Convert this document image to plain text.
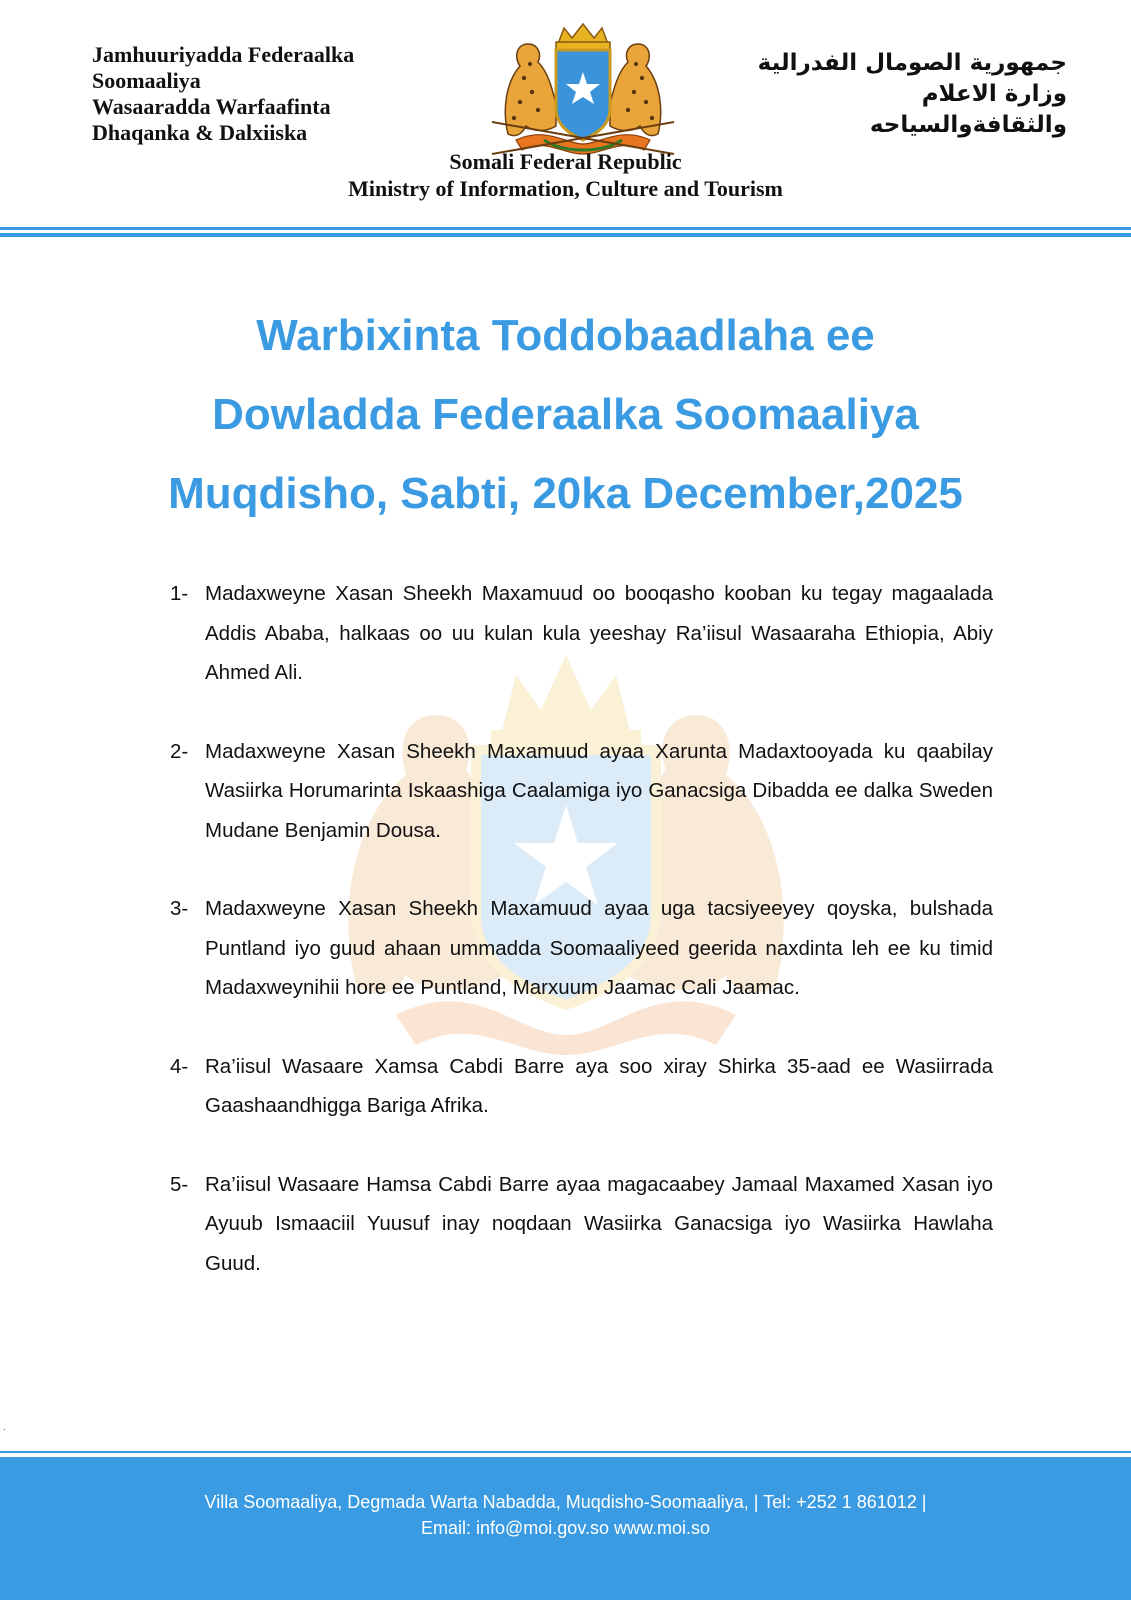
Jamhuuriyadda Federaalka
Soomaaliya
Wasaaradda Warfaafinta
Dhaqanka & Dalxiiska
جمهورية الصومال الفدرالية
وزارة الاعلام
والثقافةوالسياحه
Somali Federal Republic
Ministry of Information, Culture and Tourism
Warbixinta Toddobaadlaha ee
Dowladda Federaalka Soomaaliya
Muqdisho, Sabti, 20ka December,2025
1- Madaxweyne Xasan Sheekh Maxamuud oo booqasho kooban ku tegay magaalada Addis Ababa, halkaas oo uu kulan kula yeeshay Ra’iisul Wasaaraha Ethiopia, Abiy Ahmed Ali.
2- Madaxweyne Xasan Sheekh Maxamuud ayaa Xarunta Madaxtooyada ku qaabilay Wasiirka Horumarinta Iskaashiga Caalamiga iyo Ganacsiga Dibadda ee dalka Sweden Mudane Benjamin Dousa.
3- Madaxweyne Xasan Sheekh Maxamuud ayaa uga tacsiyeeyey qoyska, bulshada Puntland iyo guud ahaan ummadda Soomaaliyeed geerida naxdinta leh ee ku timid Madaxweynihii hore ee Puntland, Marxuum Jaamac Cali Jaamac.
4- Ra’iisul Wasaare Xamsa Cabdi Barre aya soo xiray Shirka 35-aad ee Wasiirrada Gaashaandhigga Bariga Afrika.
5- Ra’iisul Wasaare Hamsa Cabdi Barre ayaa magacaabey Jamaal Maxamed Xasan iyo Ayuub Ismaaciil Yuusuf inay noqdaan Wasiirka Ganacsiga iyo Wasiirka Hawlaha Guud.
.
Villa Soomaaliya, Degmada Warta Nabadda, Muqdisho-Soomaaliya, | Tel: +252 1 861012 |
Email: info@moi.gov.so www.moi.so
